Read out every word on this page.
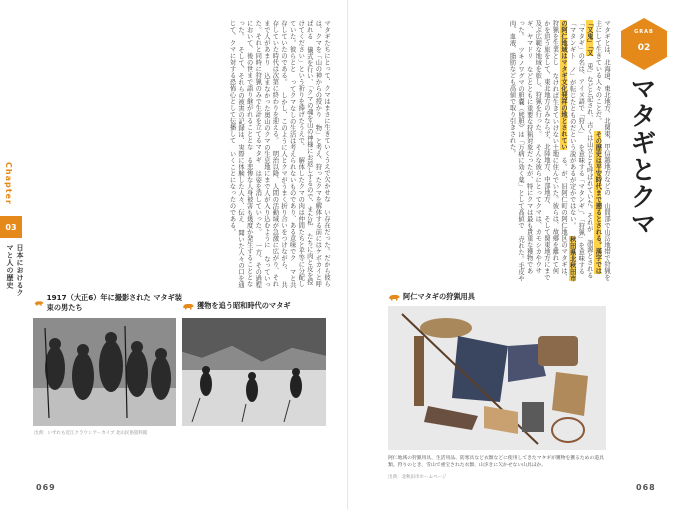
Chapter
03
日本におけるクマと人の歴史
マタギたちにとって、クマはまさに生きていくうえで欠かせな い存在だった。だから彼らは、クマを「山の神からの授かり 物」と考え、狩ったクマを解体する前にはケボカイと呼ばれる 儀式を行い、「クマの魂を山の神様にお返しするので、また私 たちに肉と皮を授けてください」という祈りを捧げたうえで、 解体したクマの肉は仲間たちと平等に分配していた。彼らとと ってクマなしの生活は考えられないものであり、ある意味でク マと共存していたのである。 しかし、このように人とクマがうまく折り合いをつけながら、 共存していた時代は次第に終わりを迎える。 明治以降、人間の活動域が急激に広がり、それまで人があまり 込まなかった奥山のクマの生息地にまで人が入り込むように なっていった。それと同時に狩猟のみで生計を立てるマタギ は姿を消していった。 一方、その過程において、後の世まで語り継がれることとな る悲惨な人身被害も幾度か発生することとなった。 そして、それらの被害の記録は、実際に体験した人々、伝え 聞いた人々の口を通じて、クマに対する恐怖心として伝播して いくことになったのである。
1917（大正6）年に撮影された マタギ装束の男たち
出典：いずれも近江クラウンアーカイブ 北山民俗資料館
獲物を追う昭和時代のマタギ
069
GRAB
02
マタギとクマ
マタギとは、北海道、東北地方、北関東、甲信越地方などの 山間部で山岳地帯で狩猟を主にして生きている人々のことだ。 その歴史は平安時代まで遡るとされる。漢字では「又鬼」「又 兎」などと記され、古くは山立とも呼ばれていた。それが 語源とされる「マタギ」の名は、アイヌ語で「狩人」 を意味する「マタンギ」、「狩猟」を意味する「マタンギト ノ」が転じたとものだという説があるが定かではない。 秋田県北秋田市の阿仁地域はマタギ文化発祥の地とされてい る。が、旧阿仁町の阿仁地区のマタギは、狩猟を生業とし なければ生きていけない土地に住んでいた。彼らは、故郷を離れて何 かを追う旅をして、東北地方のみならず、北陸地方、中部地方、 そして関東地方にまで及ぶ広範な地域を旅し、狩猟を行った。 そんな彼らにとってクマは、カモシカやウサギ、ヤマドリ などとともに重要な狩猟対象だったが、特にクマは最も貴重な獲物であ った。 ツキノワグマの胆嚢（熊胆）は「万病に効く薬」として高値で 売れた。毛皮や肉、血液、脂肪なども高値で取り引きされた。
阿仁マタギの狩猟用具
阿仁地域の狩猟用具、生活用品、防寒具など衣類などに使用してきたマタギが獲物を獲るための道具類。狩りのとき、雪山で重宝された衣類、山歩きに欠かせない山具ほか。
出典：北秋田市ホームページ
068
